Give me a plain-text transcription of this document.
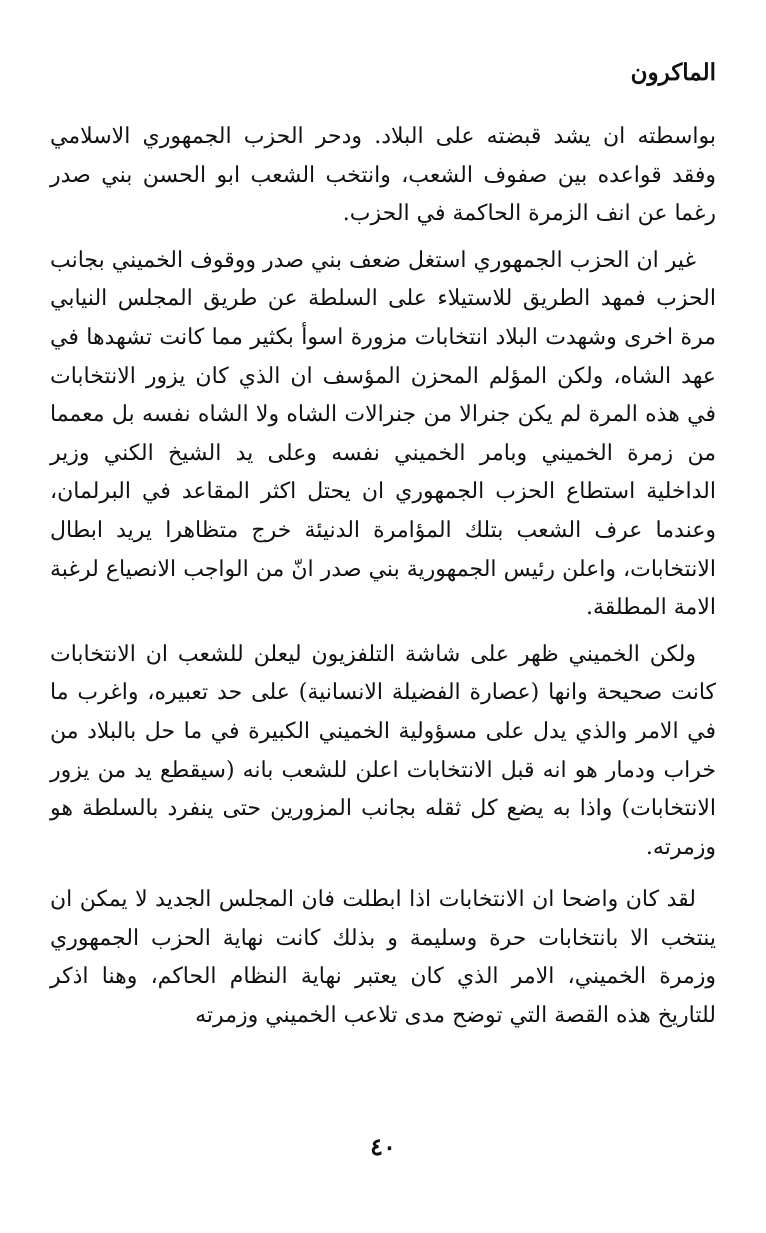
الماكرون

بواسطته ان يشد قبضته على البلاد. ودحر الحزب الجمهوري الاسلامي وفقد قواعده بين صفوف الشعب، وانتخب الشعب ابو الحسن بني صدر رغما عن انف الزمرة الحاكمة في الحزب.

غير ان الحزب الجمهوري استغل ضعف بني صدر ووقوف الخميني بجانب الحزب فمهد الطريق للاستيلاء على السلطة عن طريق المجلس النيابي مرة اخرى وشهدت البلاد انتخابات مزورة اسوأ بكثير مما كانت تشهدها في عهد الشاه، ولكن المؤلم المحزن المؤسف ان الذي كان يزور الانتخابات في هذه المرة لم يكن جنرالا من جنرالات الشاه ولا الشاه نفسه بل معمما من زمرة الخميني وبامر الخميني نفسه وعلى يد الشيخ الكني وزير الداخلية استطاع الحزب الجمهوري ان يحتل اكثر المقاعد في البرلمان، وعندما عرف الشعب بتلك المؤامرة الدنيئة خرج متظاهرا يريد ابطال الانتخابات، واعلن رئيس الجمهورية بني صدر انّ من الواجب الانصياع لرغبة الامة المطلقة.

ولكن الخميني ظهر على شاشة التلفزيون ليعلن للشعب ان الانتخابات كانت صحيحة وانها (عصارة الفضيلة الانسانية) على حد تعبيره، واغرب ما في الامر والذي يدل على مسؤولية الخميني الكبيرة في ما حل بالبلاد من خراب ودمار هو انه قبل الانتخابات اعلن للشعب بانه (سيقطع يد من يزور الانتخابات) واذا به يضع كل ثقله بجانب المزورين حتى ينفرد بالسلطة هو وزمرته.

لقد كان واضحا ان الانتخابات اذا ابطلت فان المجلس الجديد لا يمكن ان ينتخب الا بانتخابات حرة وسليمة و بذلك كانت نهاية الحزب الجمهوري وزمرة الخميني، الامر الذي كان يعتبر نهاية النظام الحاكم، وهنا اذكر للتاريخ هذه القصة التي توضح مدى تلاعب الخميني وزمرته

٤٠
